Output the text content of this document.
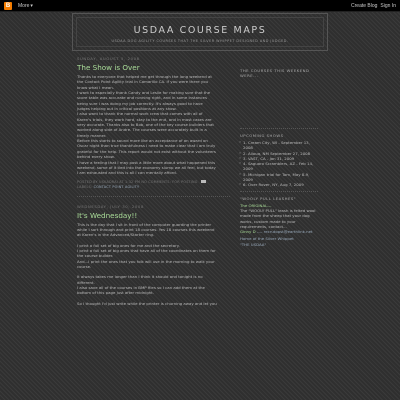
B	More ▾	Create Blog Sign In
USDAA COURSE MAPS
USDAA DOG AGILITY COURSES THAT THE SILVER WHIPPET DESIGNED AND JUDGED.
SUNDAY, AUGUST 5, 2008
The Show is Over

Thanks to everyone that helped me get through the long weekend at

the Contact Point Agility trial in Camarillo CA. If you were there you

know what I mean.

I want to especially thank Candy and Leslie for making sure that the

score table was accurate and running right, and in some instances

being sure I was doing my job correctly. It's always good to have

judges helping out in critical positions at any show.

I also want to thank the normal work crew that comes with all of

Karen's trials, they work hard, stay to the end, and in most cases are

very accurate. Thanks also to Bob, one of the key course builders that

worked along side of Andre. The courses were accurately built in a

timely manner.

Before this starts to sound more like an acceptance of an award on

Oscar night than true thankfulness I need to make clear that I am truly

grateful for the help. This report would not exist without the volunteers

behind every show.

I have a feeling that I may post a little more about what happened this

weekend, some of it tied into the economy slump we all feel, but today

I am exhausted and this is all I can mentally afford.

POSTED BY USKADRAI AT 1:32 PM NO COMMENTS: FOR POSTING
LABELS: CONTACT POINT AGILITY
WEDNESDAY, JULY 30, 2008
It's Wednesday!!

This is the day that I sit in front of the computer guarding the printer

while I sort through and print 18 courses. Yes 18 courses this weekend

at Karen's in the Advanced/Starter ring.

I print a full set of big ones for me and the secretary.

I print a full set of big ones that have all of the coordinates on them for

the course builder.

And...I print the ones that you folk will use in the morning to walk your

course.

It always takes me longer than I think it should and tonight is no

different.

I also save all of the courses in BMP files so I can add them at the

bottom of this page just after midnight.

So I thought I'd just write while the printer is churning away and let you

THE COURSES THIS WEEKEND WERE...
UPCOMING SHOWS
» 1. Cream City, WI - September 13, 2008
» 2. Allouq, NM September 27, 2008
» 3. VAST, CA - Jan 31, 2009
» 4. Saguaro Scramblers, AZ - Feb 14, 2009
» 5. Michigan trial for Tom, May 8-9, 2009
» 6. Over Rover, NY, Aug 7, 2009
"WOOLY PULL LEASHES"
The ORIGINAL---
The "WOOLY PULL" leash is felted wool made from the sheep that your dog works, custom made to your requirements, contact...
Ginny D ---- recrutopst@earthlink.net
Home of the Silver Whippet
"THE USDAA"
